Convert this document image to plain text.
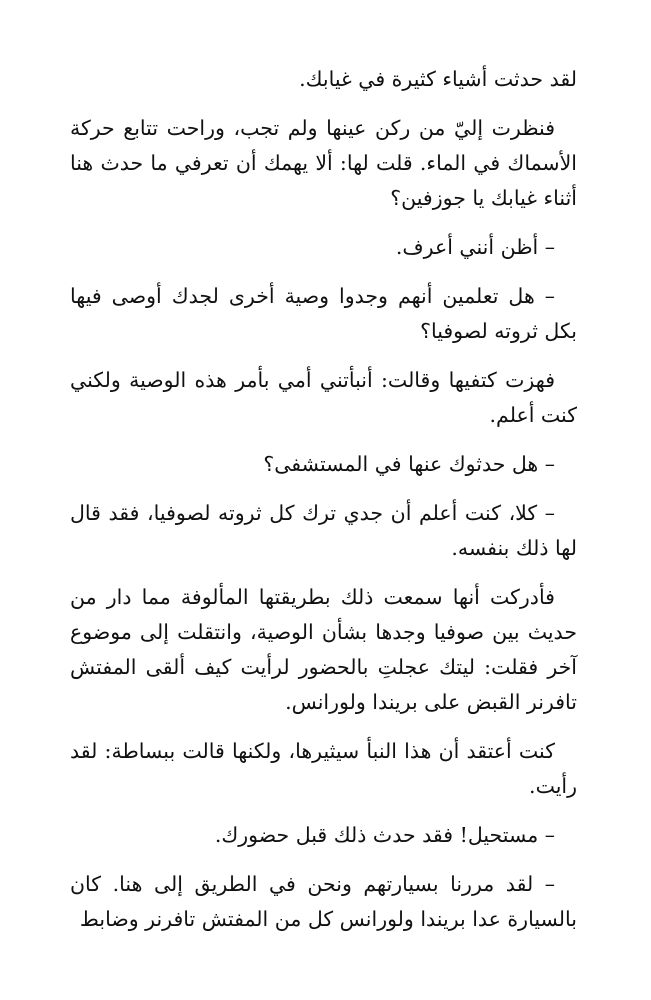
لقد حدثت أشياء كثيرة في غيابك.

فنظرت إليّ من ركن عينها ولم تجب، وراحت تتابع حركة الأسماك في الماء. قلت لها: ألا يهمك أن تعرفي ما حدث هنا أثناء غيابك يا جوزفين؟

– أظن أنني أعرف.

– هل تعلمين أنهم وجدوا وصية أخرى لجدك أوصى فيها بكل ثروته لصوفيا؟

فهزت كتفيها وقالت: أنبأتني أمي بأمر هذه الوصية ولكني كنت أعلم.

– هل حدثوك عنها في المستشفى؟

– كلا، كنت أعلم أن جدي ترك كل ثروته لصوفيا، فقد قال لها ذلك بنفسه.

فأدركت أنها سمعت ذلك بطريقتها المألوفة مما دار من حديث بين صوفيا وجدها بشأن الوصية، وانتقلت إلى موضوع آخر فقلت: ليتك عجلتِ بالحضور لرأيت كيف ألقى المفتش تافرنر القبض على بريندا ولورانس.

كنت أعتقد أن هذا النبأ سيثيرها، ولكنها قالت ببساطة: لقد رأيت.

– مستحيل! فقد حدث ذلك قبل حضورك.

– لقد مررنا بسيارتهم ونحن في الطريق إلى هنا. كان بالسيارة عدا بريندا ولورانس كل من المفتش تافرنر وضابط
